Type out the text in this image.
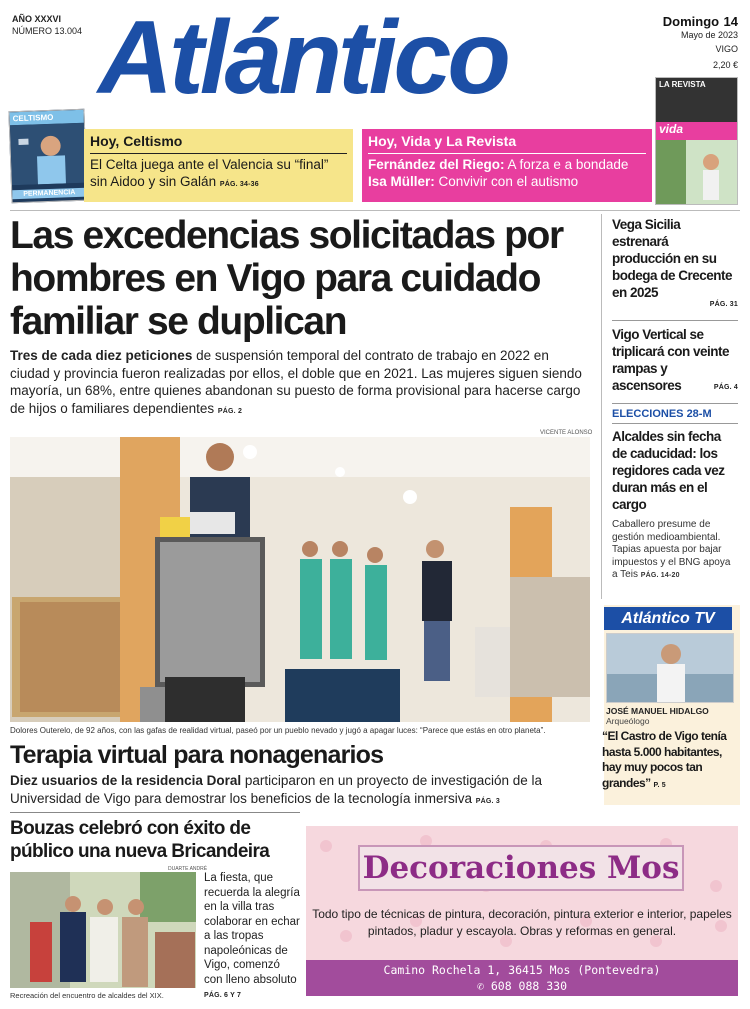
AÑO XXXVI
NÚMERO 13.004 Atlántico	Domingo 14
Mayo de 2023
VIGO
2,20 €
CELTISMO
PERMANENCIA
Hoy, Celtismo
El Celta juega ante el Valencia su “final” sin Aidoo y sin Galán PÁG. 34-36
Hoy, Vida y La Revista
Fernández del Riego: A forza e a bondade
Isa Müller: Convivir con el autismo
LA REVISTA
vida
Las excedencias solicitadas por hombres en Vigo para cuidado familiar se duplican
Tres de cada diez peticiones de suspensión temporal del contrato de trabajo en 2022 en ciudad y provincia fueron realizadas por ellos, el doble que en 2021. Las mujeres siguen siendo mayoría, un 68%, entre quienes abandonan su puesto de forma provisional para hacerse cargo de hijos o familiares dependientes PÁG. 2
VICENTE ALONSO
Dolores Outerelo, de 92 años, con las gafas de realidad virtual, paseó por un pueblo nevado y jugó a apagar luces: “Parece que estás en otro planeta”.
Terapia virtual para nonagenarios
Diez usuarios de la residencia Doral participaron en un proyecto de investigación de la Universidad de Vigo para demostrar los beneficios de la tecnología inmersiva PÁG. 3
Vega Sicilia estrenará producción en su bodega de Crecente en 2025
PÁG. 31
Vigo Vertical se triplicará con veinte rampas y ascensores	PÁG. 4
ELECCIONES 28-M
Alcaldes sin fecha de caducidad: los regidores cada vez duran más en el cargo
Caballero presume de gestión medioambiental. Tapias apuesta por bajar impuestos y el BNG apoya a Teis PÁG. 14-20
Atlántico TV
JOSÉ MANUEL HIDALGO
Arqueólogo
“El Castro de Vigo tenía hasta 5.000 habitantes, hay muy pocos tan grandes” P. 5
Bouzas celebró con éxito de público una nueva Bricandeira
DUARTE ANDRÉ
La fiesta, que recuerda la alegría en la villa tras colaborar en echar a las tropas napoleónicas de Vigo, comenzó con lleno absoluto PÁG. 6 Y 7
Recreación del encuentro de alcaldes del XIX.
Decoraciones Mos
Todo tipo de técnicas de pintura, decoración, pintura exterior e interior, papeles pintados, pladur y escayola. Obras y reformas en general.
Camino Rochela 1, 36415 Mos (Pontevedra)
✆ 608 088 330
